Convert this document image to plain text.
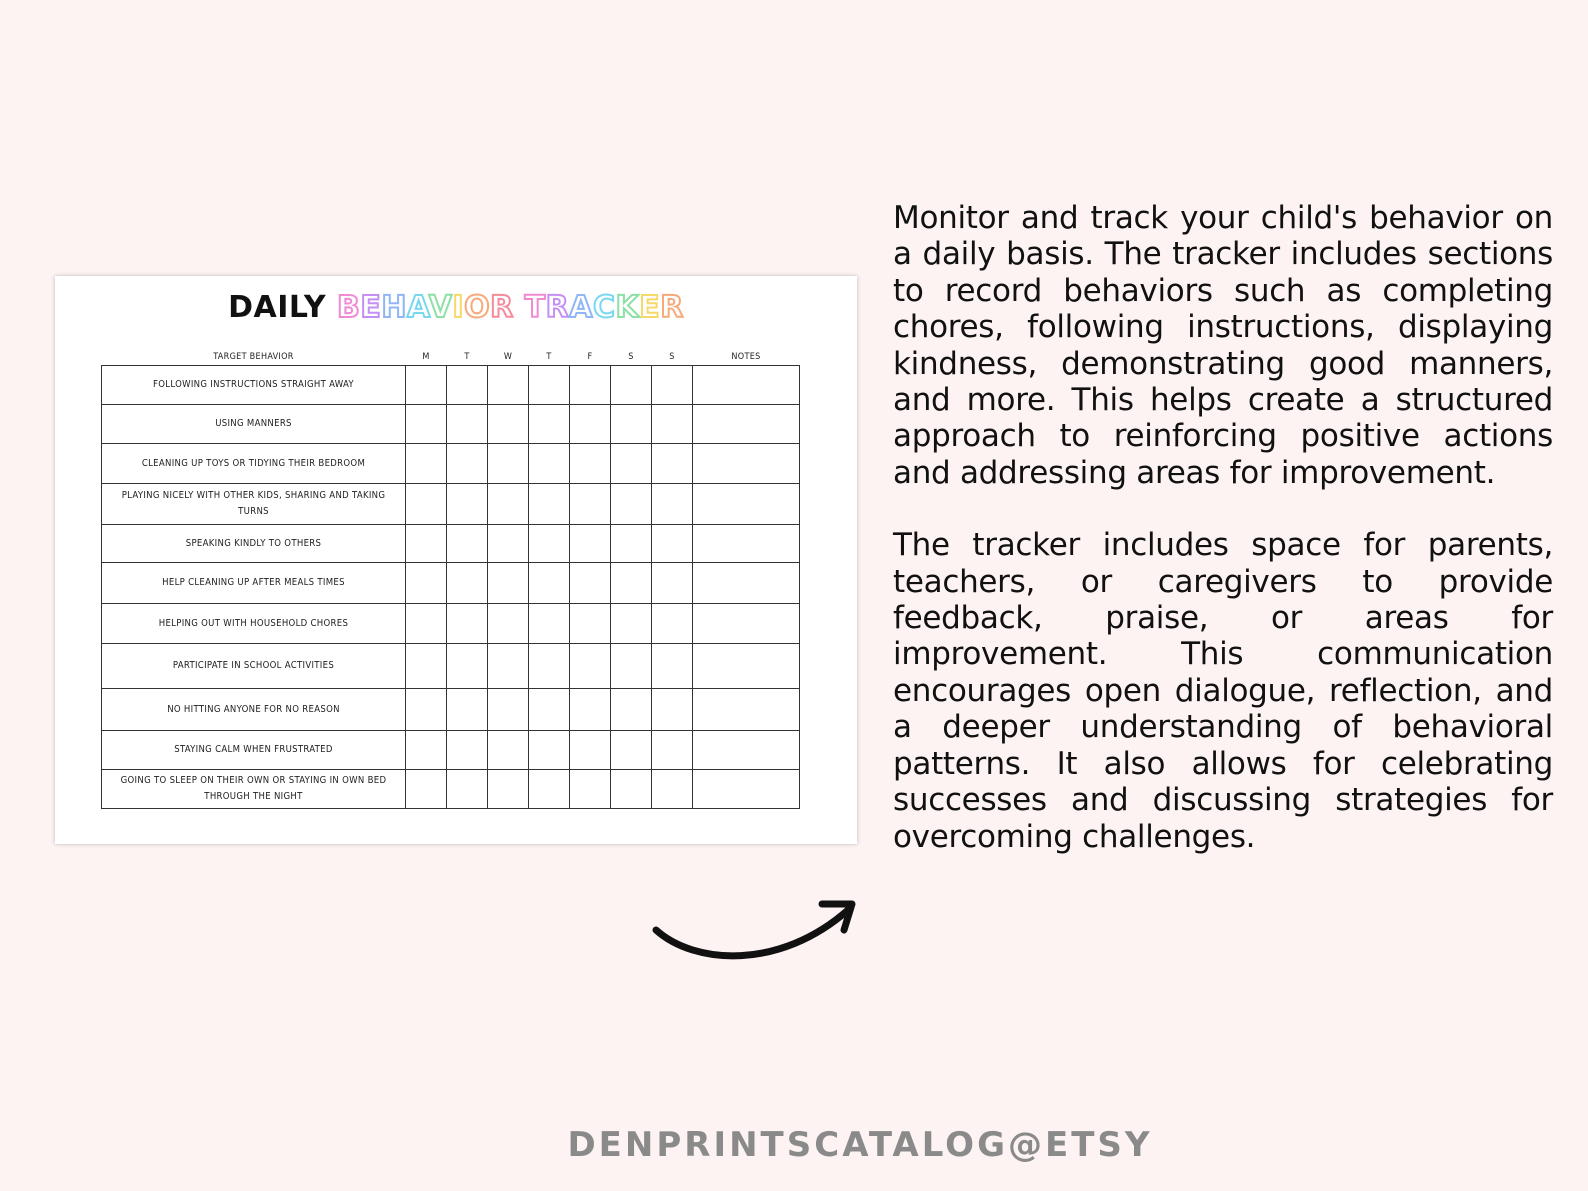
DAILY BEHAVIOR TRACKER
TARGET BEHAVIOR	M	T	W	T	F	S	S	NOTES
FOLLOWING INSTRUCTIONS STRAIGHT AWAY								
USING MANNERS								
CLEANING UP TOYS OR TIDYING THEIR BEDROOM								
PLAYING NICELY WITH OTHER KIDS, SHARING AND TAKING TURNS								
SPEAKING KINDLY TO OTHERS								
HELP CLEANING UP AFTER MEALS TIMES								
HELPING OUT WITH HOUSEHOLD CHORES								
PARTICIPATE IN SCHOOL ACTIVITIES								
NO HITTING ANYONE FOR NO REASON								
STAYING CALM WHEN FRUSTRATED								
GOING TO SLEEP ON THEIR OWN OR STAYING IN OWN BED THROUGH THE NIGHT								

Monitor and track your child's behavior on a daily basis. The tracker includes sections to record behaviors such as completing chores, following instructions, displaying kindness, demonstrating good manners, and more. This helps create a structured approach to reinforcing positive actions and addressing areas for improvement.

The tracker includes space for parents, teachers, or caregivers to provide feedback, praise, or areas for improvement. This communication encourages open dialogue, reflection, and a deeper understanding of behavioral patterns. It also allows for celebrating successes and discussing strategies for overcoming challenges.

DENPRINTSCATALOG@ETSY
